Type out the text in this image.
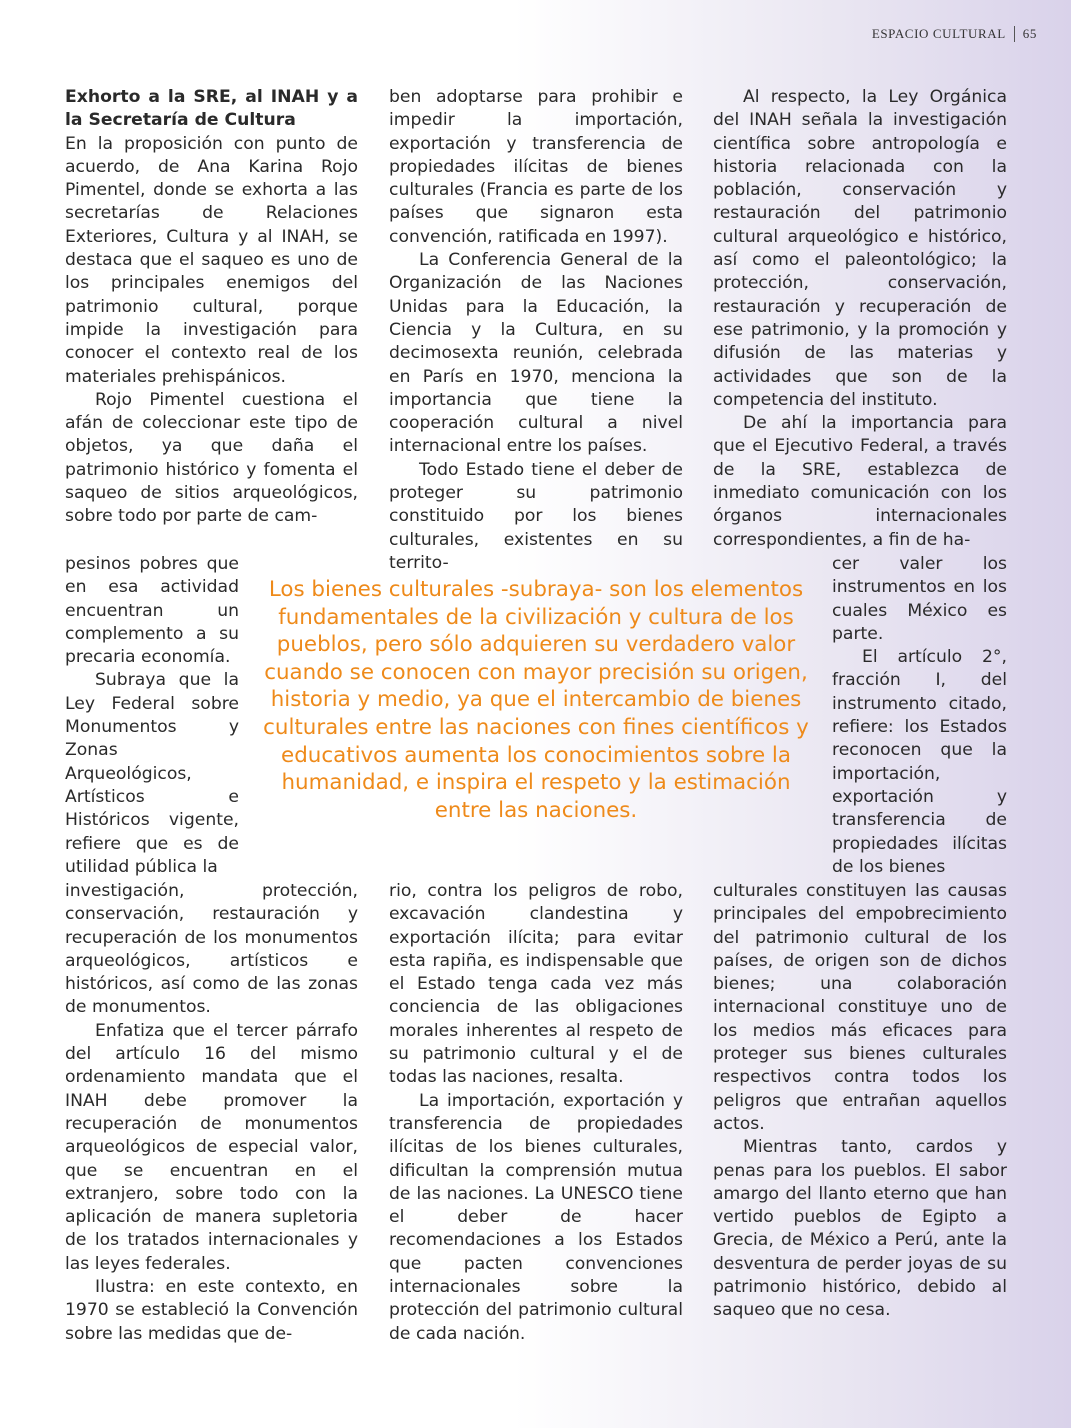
ESPACIO CULTURAL 65

Exhorto a la SRE, al INAH y a la Secretaría de Cultura

En la proposición con punto de acuerdo, de Ana Karina Rojo Pimentel, donde se exhorta a las secretarías de Relaciones Exteriores, Cultura y al INAH, se destaca que el saqueo es uno de los principales enemigos del patrimonio cultural, porque impide la investigación para conocer el contexto real de los materiales prehispánicos.

Rojo Pimentel cuestiona el afán de coleccionar este tipo de objetos, ya que daña el patrimonio histórico y fomenta el saqueo de sitios arqueológicos, sobre todo por parte de cam-

pesinos pobres que en esa actividad encuentran un complemento a su precaria economía.

Subraya que la Ley Federal sobre Monumentos y Zonas Arqueológicos, Artísticos e Históricos vigente, refiere que es de utilidad pública la

investigación, protección, conservación, restauración y recuperación de los monumentos arqueológicos, artísticos e históricos, así como de las zonas de monumentos.

Enfatiza que el tercer párrafo del artículo 16 del mismo ordenamiento mandata que el INAH debe promover la recuperación de monumentos arqueológicos de especial valor, que se encuentran en el extranjero, sobre todo con la aplicación de manera supletoria de los tratados internacionales y las leyes federales.

Ilustra: en este contexto, en 1970 se estableció la Convención sobre las medidas que de-

ben adoptarse para prohibir e impedir la importación, exportación y transferencia de propiedades ilícitas de bienes culturales (Francia es parte de los países que signaron esta convención, ratificada en 1997).

La Conferencia General de la Organización de las Naciones Unidas para la Educación, la Ciencia y la Cultura, en su decimosexta reunión, celebrada en París en 1970, menciona la importancia que tiene la cooperación cultural a nivel internacional entre los países.

Todo Estado tiene el deber de proteger su patrimonio constituido por los bienes culturales, existentes en su territo-

rio, contra los peligros de robo, excavación clandestina y exportación ilícita; para evitar esta rapiña, es indispensable que el Estado tenga cada vez más conciencia de las obligaciones morales inherentes al respeto de su patrimonio cultural y el de todas las naciones, resalta.

La importación, exportación y transferencia de propiedades ilícitas de los bienes culturales, dificultan la comprensión mutua de las naciones. La UNESCO tiene el deber de hacer recomendaciones a los Estados que pacten convenciones internacionales sobre la protección del patrimonio cultural de cada nación.

Al respecto, la Ley Orgánica del INAH señala la investigación científica sobre antropología e historia relacionada con la población, conservación y restauración del patrimonio cultural arqueológico e histórico, así como el paleontológico; la protección, conservación, restauración y recuperación de ese patrimonio, y la promoción y difusión de las materias y actividades que son de la competencia del instituto.

De ahí la importancia para que el Ejecutivo Federal, a través de la SRE, establezca de inmediato comunicación con los órganos internacionales correspondientes, a fin de ha-

cer valer los instrumentos en los cuales México es parte.

El artículo 2°, fracción I, del instrumento citado, refiere: los Estados reconocen que la importación, exportación y transferencia de propiedades ilícitas de los bienes

culturales constituyen las causas principales del empobrecimiento del patrimonio cultural de los países, de origen son de dichos bienes; una colaboración internacional constituye uno de los medios más eficaces para proteger sus bienes culturales respectivos contra todos los peligros que entrañan aquellos actos.

Mientras tanto, cardos y penas para los pueblos. El sabor amargo del llanto eterno que han vertido pueblos de Egipto a Grecia, de México a Perú, ante la desventura de perder joyas de su patrimonio histórico, debido al saqueo que no cesa.

Los bienes culturales -subraya- son los elementos fundamentales de la civilización y cultura de los pueblos, pero sólo adquieren su verdadero valor cuando se conocen con mayor precisión su origen, historia y medio, ya que el intercambio de bienes culturales entre las naciones con fines científicos y educativos aumenta los conocimientos sobre la humanidad, e inspira el respeto y la estimación entre las naciones.
